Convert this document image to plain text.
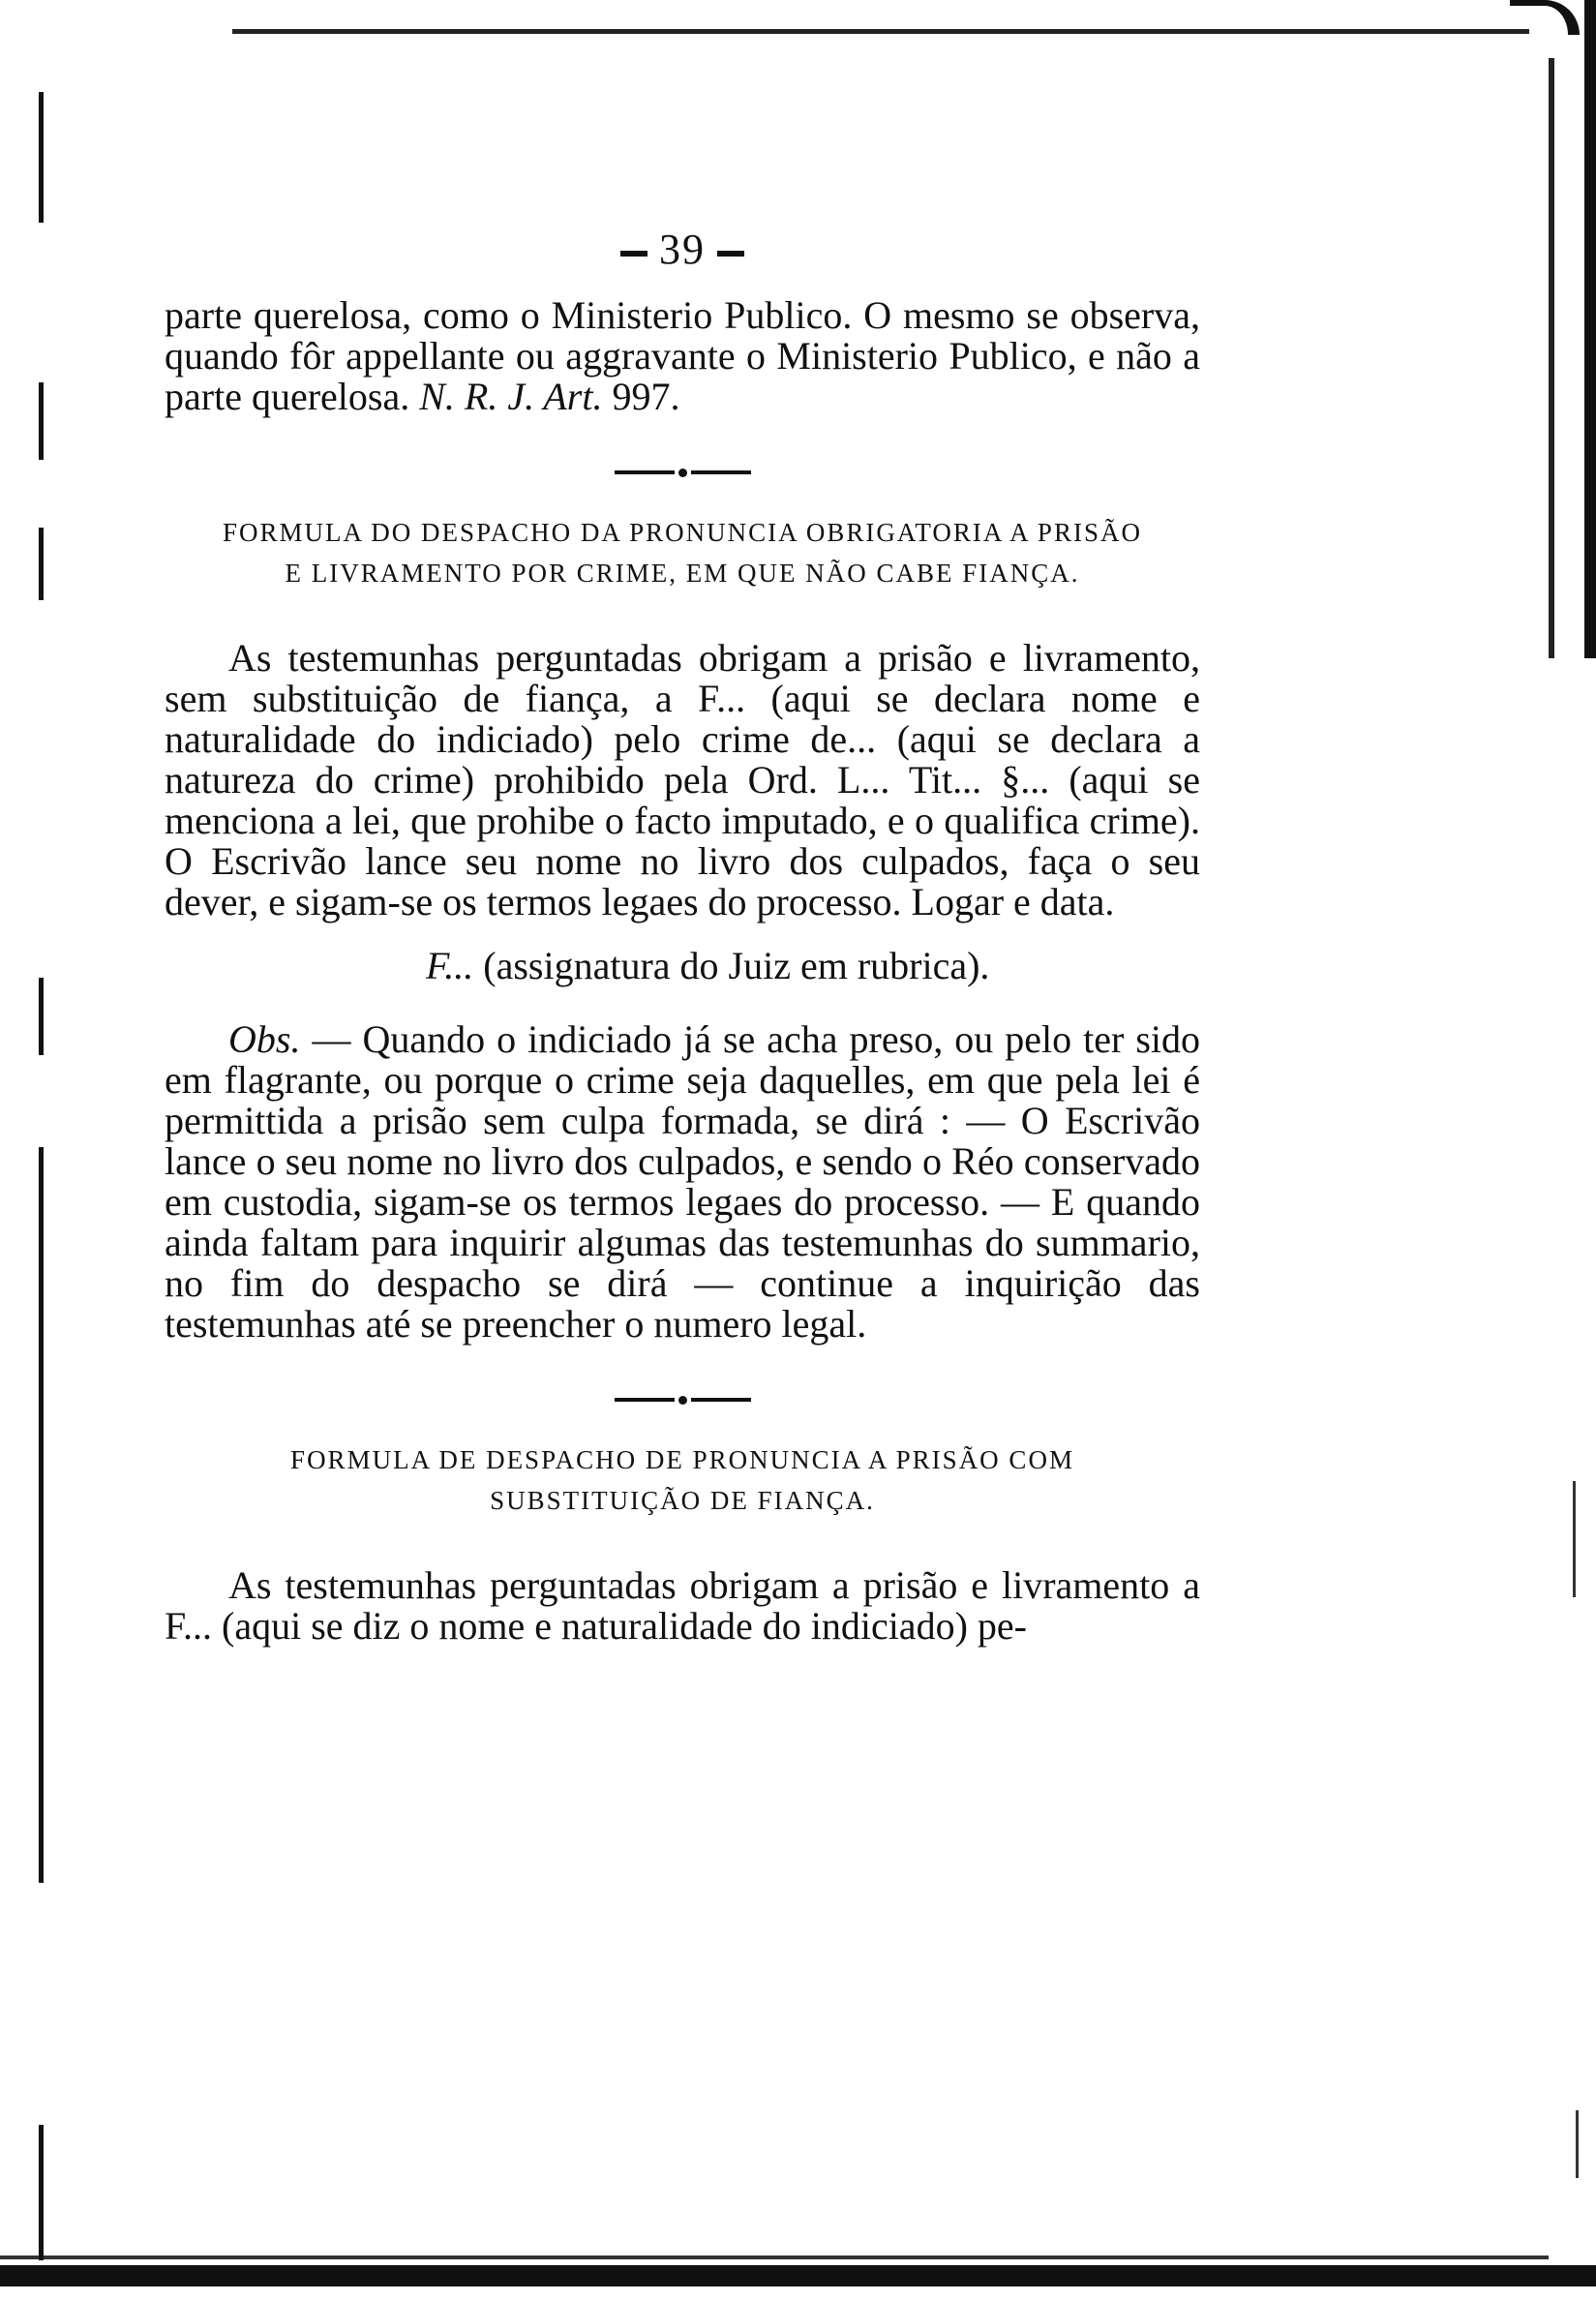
39

parte querelosa, como o Ministerio Publico. O mesmo se observa, quando fôr appellante ou aggravante o Ministerio Publico, e não a parte querelosa. N. R. J. Art. 997.

FORMULA DO DESPACHO DA PRONUNCIA OBRIGATORIA A PRISÃO
E LIVRAMENTO POR CRIME, EM QUE NÃO CABE FIANÇA.

As testemunhas perguntadas obrigam a prisão e livramento, sem substituição de fiança, a F... (aqui se declara nome e naturalidade do indiciado) pelo crime de... (aqui se declara a natureza do crime) prohibido pela Ord. L... Tit... §... (aqui se menciona a lei, que prohibe o facto imputado, e o qualifica crime). O Escrivão lance seu nome no livro dos culpados, faça o seu dever, e sigam-se os termos legaes do processo. Logar e data.

F... (assignatura do Juiz em rubrica).

Obs. — Quando o indiciado já se acha preso, ou pelo ter sido em flagrante, ou porque o crime seja daquelles, em que pela lei é permittida a prisão sem culpa formada, se dirá : — O Escrivão lance o seu nome no livro dos culpados, e sendo o Réo conservado em custodia, sigam-se os termos legaes do processo. — E quando ainda faltam para inquirir algumas das testemunhas do summario, no fim do despacho se dirá — continue a inquirição das testemunhas até se preencher o numero legal.

FORMULA DE DESPACHO DE PRONUNCIA A PRISÃO COM
SUBSTITUIÇÃO DE FIANÇA.

As testemunhas perguntadas obrigam a prisão e livramento a F... (aqui se diz o nome e naturalidade do indiciado) pe-
